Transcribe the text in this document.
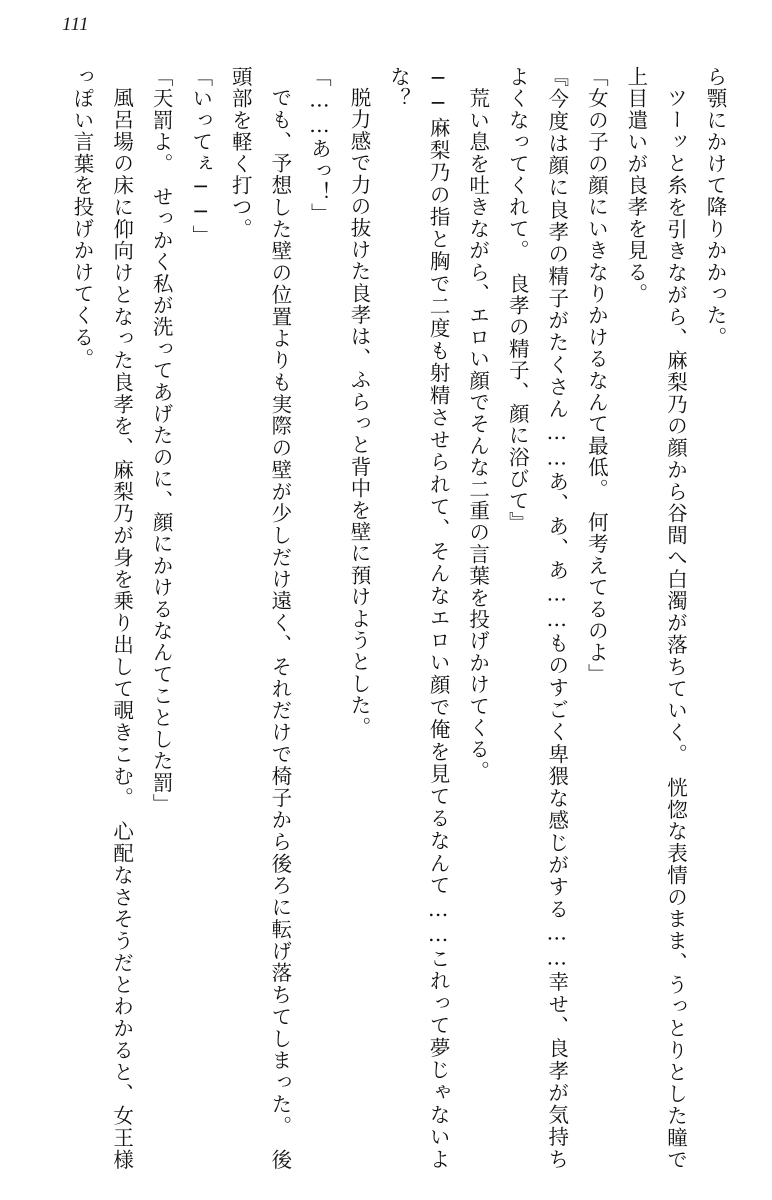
111

ら顎にかけて降りかかった。

ツーッと糸を引きながら、麻梨乃の顔から谷間へ白濁が落ちていく。　恍惚な表情のまま、うっとりとした瞳で上目遣いが良孝を見る。

「女の子の顔にいきなりかけるなんて最低。　何考えてるのよ」

『今度は顔に良孝の精子がたくさん……あ、あ、あ……ものすごく卑猥な感じがする……幸せ、良孝が気持ちよくなってくれて。　良孝の精子、顔に浴びて』

　荒い息を吐きながら、エロい顔でそんな二重の言葉を投げかけてくる。

──麻梨乃の指と胸で二度も射精させられて、そんなエロい顔で俺を見てるなんて……これって夢じゃないよな？

脱力感で力の抜けた良孝は、ふらっと背中を壁に預けようとした。

「……あっ！」

でも、予想した壁の位置よりも実際の壁が少しだけ遠く、それだけで椅子から後ろに転げ落ちてしまった。　後頭部を軽く打つ。

「いってぇ──」

「天罰よ。　せっかく私が洗ってあげたのに、顔にかけるなんてことした罰」

風呂場の床に仰向けとなった良孝を、麻梨乃が身を乗り出して覗きこむ。　心配なさそうだとわかると、女王様っぽい言葉を投げかけてくる。
